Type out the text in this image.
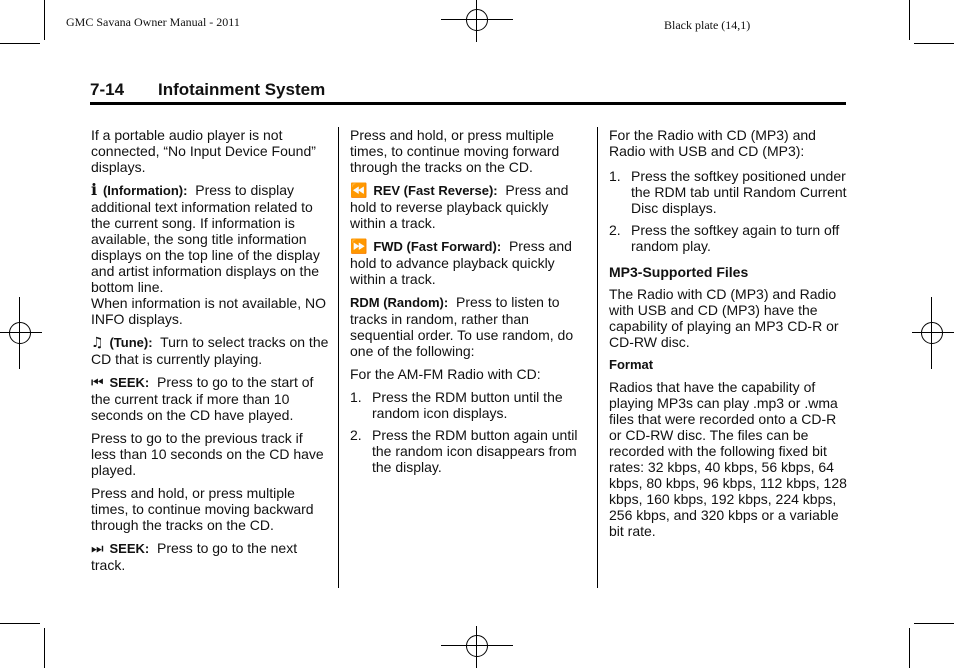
GMC Savana Owner Manual - 2011	Black plate (14,1)
7-14 Infotainment System

If a portable audio player is not connected, “No Input Device Found” displays.

i (Information): Press to display additional text information related to the current song. If information is available, the song title information displays on the top line of the display and artist information displays on the bottom line.
When information is not available, NO INFO displays.

♫ (Tune): Turn to select tracks on the CD that is currently playing.

⏮ SEEK: Press to go to the start of the current track if more than 10 seconds on the CD have played.

Press to go to the previous track if less than 10 seconds on the CD have played.

Press and hold, or press multiple times, to continue moving backward through the tracks on the CD.

⏭ SEEK: Press to go to the next track.

Press and hold, or press multiple times, to continue moving forward through the tracks on the CD.

⏪ REV (Fast Reverse): Press and hold to reverse playback quickly within a track.

⏩ FWD (Fast Forward): Press and hold to advance playback quickly within a track.

RDM (Random): Press to listen to tracks in random, rather than sequential order. To use random, do one of the following:

For the AM-FM Radio with CD:

1. Press the RDM button until the random icon displays.
2. Press the RDM button again until the random icon disappears from the display.

For the Radio with CD (MP3) and Radio with USB and CD (MP3):

1. Press the softkey positioned under the RDM tab until Random Current Disc displays.
2. Press the softkey again to turn off random play.
MP3-Supported Files

The Radio with CD (MP3) and Radio with USB and CD (MP3) have the capability of playing an MP3 CD-R or CD-RW disc.

Format

Radios that have the capability of playing MP3s can play .mp3 or .wma files that were recorded onto a CD-R or CD-RW disc. The files can be recorded with the following fixed bit rates: 32 kbps, 40 kbps, 56 kbps, 64 kbps, 80 kbps, 96 kbps, 112 kbps, 128 kbps, 160 kbps, 192 kbps, 224 kbps, 256 kbps, and 320 kbps or a variable bit rate.
